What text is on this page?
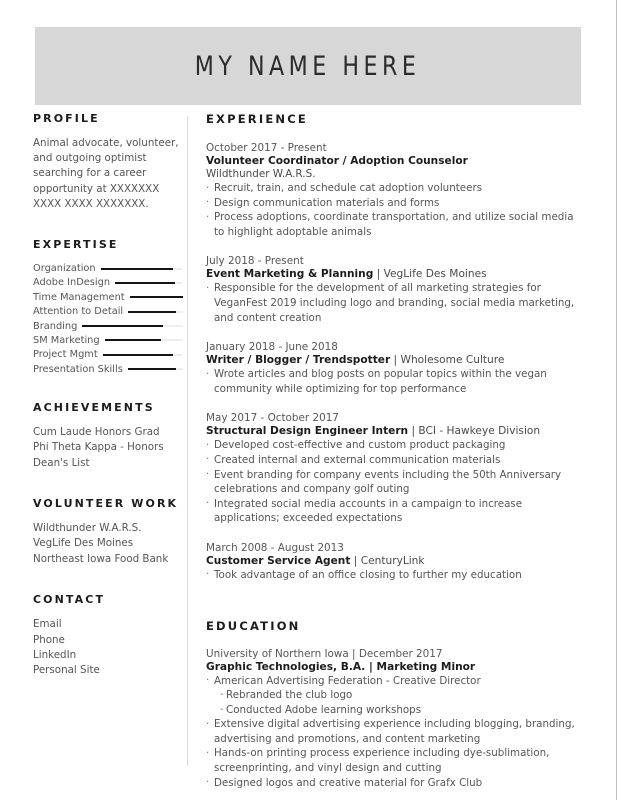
MY NAME HERE
PROFILE

Animal advocate, volunteer, and outgoing optimist searching for a career opportunity at XXXXXXX XXXX XXXX XXXXXXX.

EXPERTISE
Organization
Adobe InDesign
Time Management
Attention to Detail
Branding
SM Marketing
Project Mgmt
Presentation Skills
ACHIEVEMENTS
Cum Laude Honors Grad
Phi Theta Kappa - Honors
Dean's List
VOLUNTEER WORK
Wildthunder W.A.R.S.
VegLife Des Moines
Northeast Iowa Food Bank
CONTACT
Email
Phone
LinkedIn
Personal Site
EXPERIENCE

October 2017 - Present

Volunteer Coordinator / Adoption Counselor

Wildthunder W.A.R.S.

· Recruit, train, and schedule cat adoption volunteers
· Design communication materials and forms
· Process adoptions, coordinate transportation, and utilize social media to highlight adoptable animals

July 2018 - Present

Event Marketing & Planning | VegLife Des Moines

· Responsible for the development of all marketing strategies for VeganFest 2019 including logo and branding, social media marketing, and content creation

January 2018 - June 2018

Writer / Blogger / Trendspotter | Wholesome Culture

· Wrote articles and blog posts on popular topics within the vegan community while optimizing for top performance

May 2017 - October 2017

Structural Design Engineer Intern | BCI - Hawkeye Division

· Developed cost-effective and custom product packaging
· Created internal and external communication materials
· Event branding for company events including the 50th Anniversary celebrations and company golf outing
· Integrated social media accounts in a campaign to increase applications; exceeded expectations

March 2008 - August 2013

Customer Service Agent | CenturyLink

· Took advantage of an office closing to further my education
EDUCATION

University of Northern Iowa | December 2017

Graphic Technologies, B.A. | Marketing Minor

· American Advertising Federation - Creative Director
- Rebranded the club logo
- Conducted Adobe learning workshops
· Extensive digital advertising experience including blogging, branding, advertising and promotions, and content marketing
· Hands-on printing process experience including dye-sublimation, screenprinting, and vinyl design and cutting
· Designed logos and creative material for Grafx Club
